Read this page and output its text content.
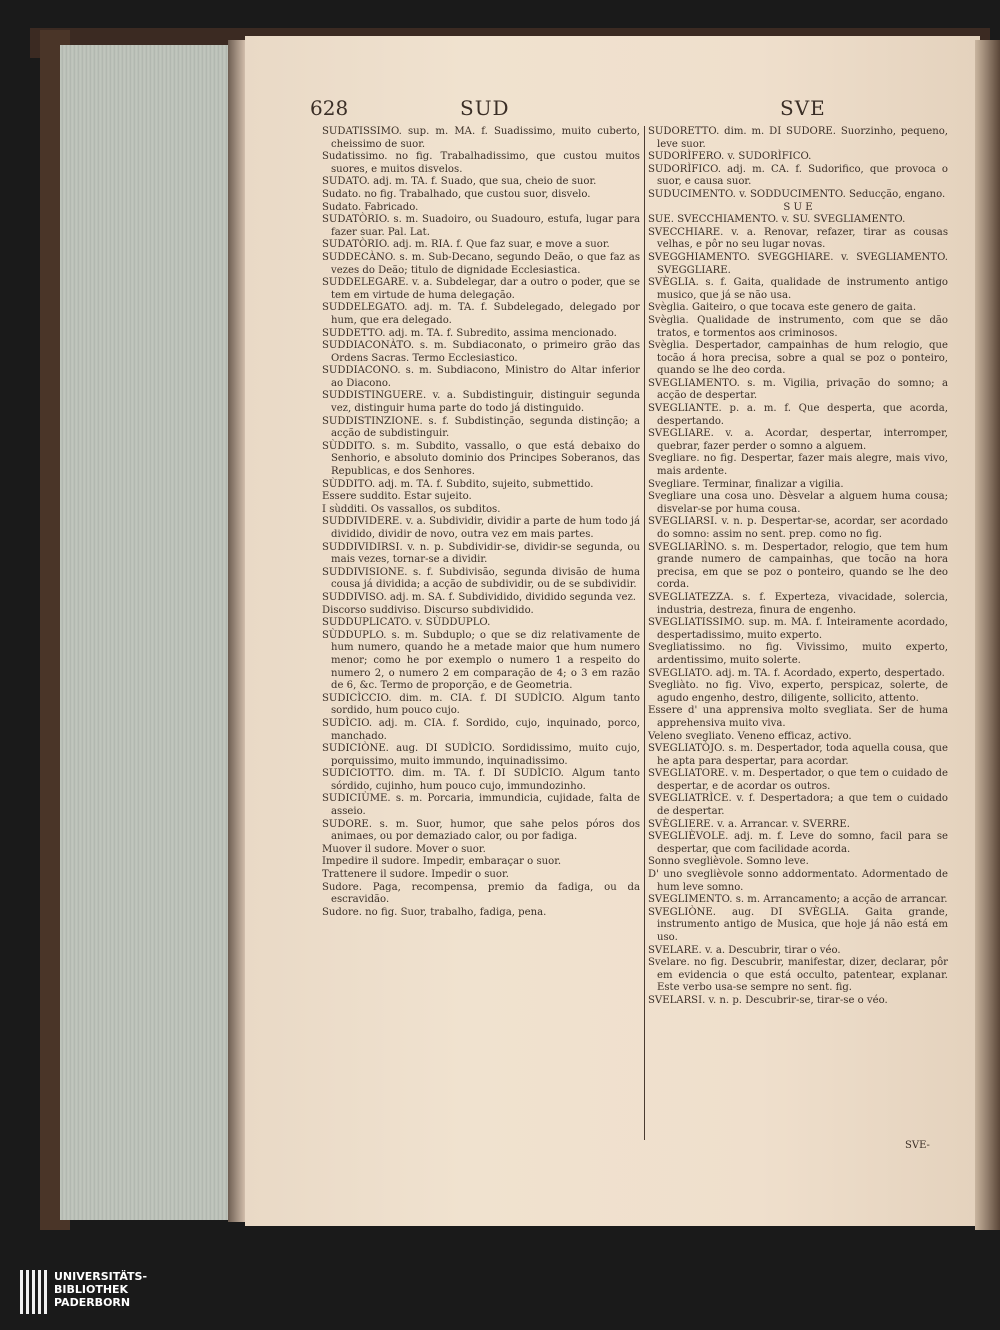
628	SUD	SVE

SUDATISSIMO. sup. m. MA. f. Suadissimo, muito cuberto, cheissimo de suor.

Sudatissimo. no fig. Trabalhadissimo, que custou muitos suores, e muitos disvelos.

SUDATO. adj. m. TA. f. Suado, que sua, cheio de suor.

Sudato. no fig. Trabalhado, que custou suor, disvelo.

Sudato. Fabricado.

SUDATÒRIO. s. m. Suadoiro, ou Suadouro, estufa, lugar para fazer suar. Pal. Lat.

SUDATÒRIO. adj. m. RIA. f. Que faz suar, e move a suor.

SUDDECÀNO. s. m. Sub-Decano, segundo Deão, o que faz as vezes do Deão; titulo de dignidade Ecclesiastica.

SUDDELEGARE. v. a. Subdelegar, dar a outro o poder, que se tem em virtude de huma delegação.

SUDDELEGATO. adj. m. TA. f. Subdelegado, delegado por hum, que era delegado.

SUDDETTO. adj. m. TA. f. Subredito, assima mencionado.

SUDDIACONÀTO. s. m. Subdiaconato, o primeiro grão das Ordens Sacras. Termo Ecclesiastico.

SUDDIACONO. s. m. Subdiacono, Ministro do Altar inferior ao Diacono.

SUDDISTINGUERE. v. a. Subdistinguir, distinguir segunda vez, distinguir huma parte do todo já distinguido.

SUDDISTINZIONE. s. f. Subdistinção, segunda distinção; a acção de subdistinguir.

SÙDDITO. s. m. Subdito, vassallo, o que está debaixo do Senhorio, e absoluto dominio dos Principes Soberanos, das Republicas, e dos Senhores.

SÙDDITO. adj. m. TA. f. Subdito, sujeito, submettido.

Essere suddito. Estar sujeito.

I sùdditi. Os vassallos, os subditos.

SUDDIVIDERE. v. a. Subdividir, dividir a parte de hum todo já dividido, dividir de novo, outra vez em mais partes.

SUDDIVIDIRSI. v. n. p. Subdividir-se, dividir-se segunda, ou mais vezes, tornar-se a dividir.

SUDDIVISIONE. s. f. Subdivisão, segunda divisão de huma cousa já dividida; a acção de subdividir, ou de se subdividir.

SUDDIVISO. adj. m. SA. f. Subdividido, dividido segunda vez.

Discorso suddiviso. Discurso subdividido.

SUDDUPLICATO. v. SÙDDUPLO.

SÙDDUPLO. s. m. Subduplo; o que se diz relativamente de hum numero, quando he a metade maior que hum numero menor; como he por exemplo o numero 1 a respeito do numero 2, o numero 2 em comparação de 4; o 3 em razão de 6, &c. Termo de proporção, e de Geometria.

SUDICÌCCIO. dim. m. CIA. f. DI SUDÌCIO. Algum tanto sordido, hum pouco cujo.

SUDÌCIO. adj. m. CIA. f. Sordido, cujo, inquinado, porco, manchado.

SUDICIÒNE. aug. DI SUDÌCIO. Sordidissimo, muito cujo, porquissimo, muito immundo, inquinadissimo.

SUDICIOTTO. dim. m. TA. f. DI SUDÌCIO. Algum tanto sórdido, cujinho, hum pouco cujo, immundozinho.

SUDICIÙME. s. m. Porcaria, immundicia, cujidade, falta de asseio.

SUDORE. s. m. Suor, humor, que sahe pelos póros dos animaes, ou por demaziado calor, ou por fadiga.

Muover il sudore. Mover o suor.

Impedire il sudore. Impedir, embaraçar o suor.

Trattenere il sudore. Impedir o suor.

Sudore. Paga, recompensa, premio da fadiga, ou da escravidão.

Sudore. no fig. Suor, trabalho, fadiga, pena.

SUDORETTO. dim. m. DI SUDORE. Suorzinho, pequeno, leve suor.

SUDORÌFERO. v. SUDORÌFICO.

SUDORÌFICO. adj. m. CA. f. Sudorifico, que provoca o suor, e causa suor.

SUDUCIMENTO. v. SODDUCIMENTO. Seducção, engano.

S U E

SUE. SVECCHIAMENTO. v. SU. SVEGLIAMENTO.

SVECCHIARE. v. a. Renovar, refazer, tirar as cousas velhas, e pôr no seu lugar novas.

SVEGGHIAMENTO. SVEGGHIARE. v. SVEGLIAMENTO. SVEGGLIARE.

SVÈGLIA. s. f. Gaita, qualidade de instrumento antigo musico, que já se não usa.

Svèglia. Gaiteiro, o que tocava este genero de gaita.

Svèglia. Qualidade de instrumento, com que se dão tratos, e tormentos aos criminosos.

Svèglia. Despertador, campainhas de hum relogio, que tocão á hora precisa, sobre a qual se poz o ponteiro, quando se lhe deo corda.

SVEGLIAMENTO. s. m. Vigilia, privação do somno; a acção de despertar.

SVEGLIANTE. p. a. m. f. Que desperta, que acorda, despertando.

SVEGLIARE. v. a. Acordar, despertar, interromper, quebrar, fazer perder o somno a alguem.

Svegliare. no fig. Despertar, fazer mais alegre, mais vivo, mais ardente.

Svegliare. Terminar, finalizar a vigilia.

Svegliare una cosa uno. Dèsvelar a alguem huma cousa; disvelar-se por huma cousa.

SVEGLIARSI. v. n. p. Despertar-se, acordar, ser acordado do somno: assim no sent. prep. como no fig.

SVEGLIARÌNO. s. m. Despertador, relogio, que tem hum grande numero de campainhas, que tocão na hora precisa, em que se poz o ponteiro, quando se lhe deo corda.

SVEGLIATEZZA. s. f. Experteza, vivacidade, solercia, industria, destreza, finura de engenho.

SVEGLIATISSIMO. sup. m. MA. f. Inteiramente acordado, despertadissimo, muito experto.

Svegliatissimo. no fig. Vivissimo, muito experto, ardentissimo, muito solerte.

SVEGLIATO. adj. m. TA. f. Acordado, experto, despertado.

Svegliàto. no fig. Vivo, experto, perspicaz, solerte, de agudo engenho, destro, diligente, sollicito, attento.

Essere d' una apprensiva molto svegliata. Ser de huma apprehensiva muito viva.

Veleno svegliato. Veneno efficaz, activo.

SVEGLIATÒJO. s. m. Despertador, toda aquella cousa, que he apta para despertar, para acordar.

SVEGLIATORE. v. m. Despertador, o que tem o cuidado de despertar, e de acordar os outros.

SVEGLIATRÌCE. v. f. Despertadora; a que tem o cuidado de despertar.

SVÈGLIERE. v. a. Arrancar. v. SVERRE.

SVEGLIÈVOLE. adj. m. f. Leve do somno, facil para se despertar, que com facilidade acorda.

Sonno sveglièvole. Somno leve.

D' uno sveglièvole sonno addormentato. Adormentado de hum leve somno.

SVEGLIMENTO. s. m. Arrancamento; a acção de arrancar.

SVEGLIÒNE. aug. DI SVÈGLIA. Gaita grande, instrumento antigo de Musica, que hoje já não está em uso.

SVELARE. v. a. Descubrir, tirar o véo.

Svelare. no fig. Descubrir, manifestar, dizer, declarar, pôr em evidencia o que está occulto, patentear, explanar. Este verbo usa-se sempre no sent. fig.

SVELARSI. v. n. p. Descubrir-se, tirar-se o véo.

SVE-
UNIVERSITÄTS-
BIBLIOTHEK
PADERBORN
